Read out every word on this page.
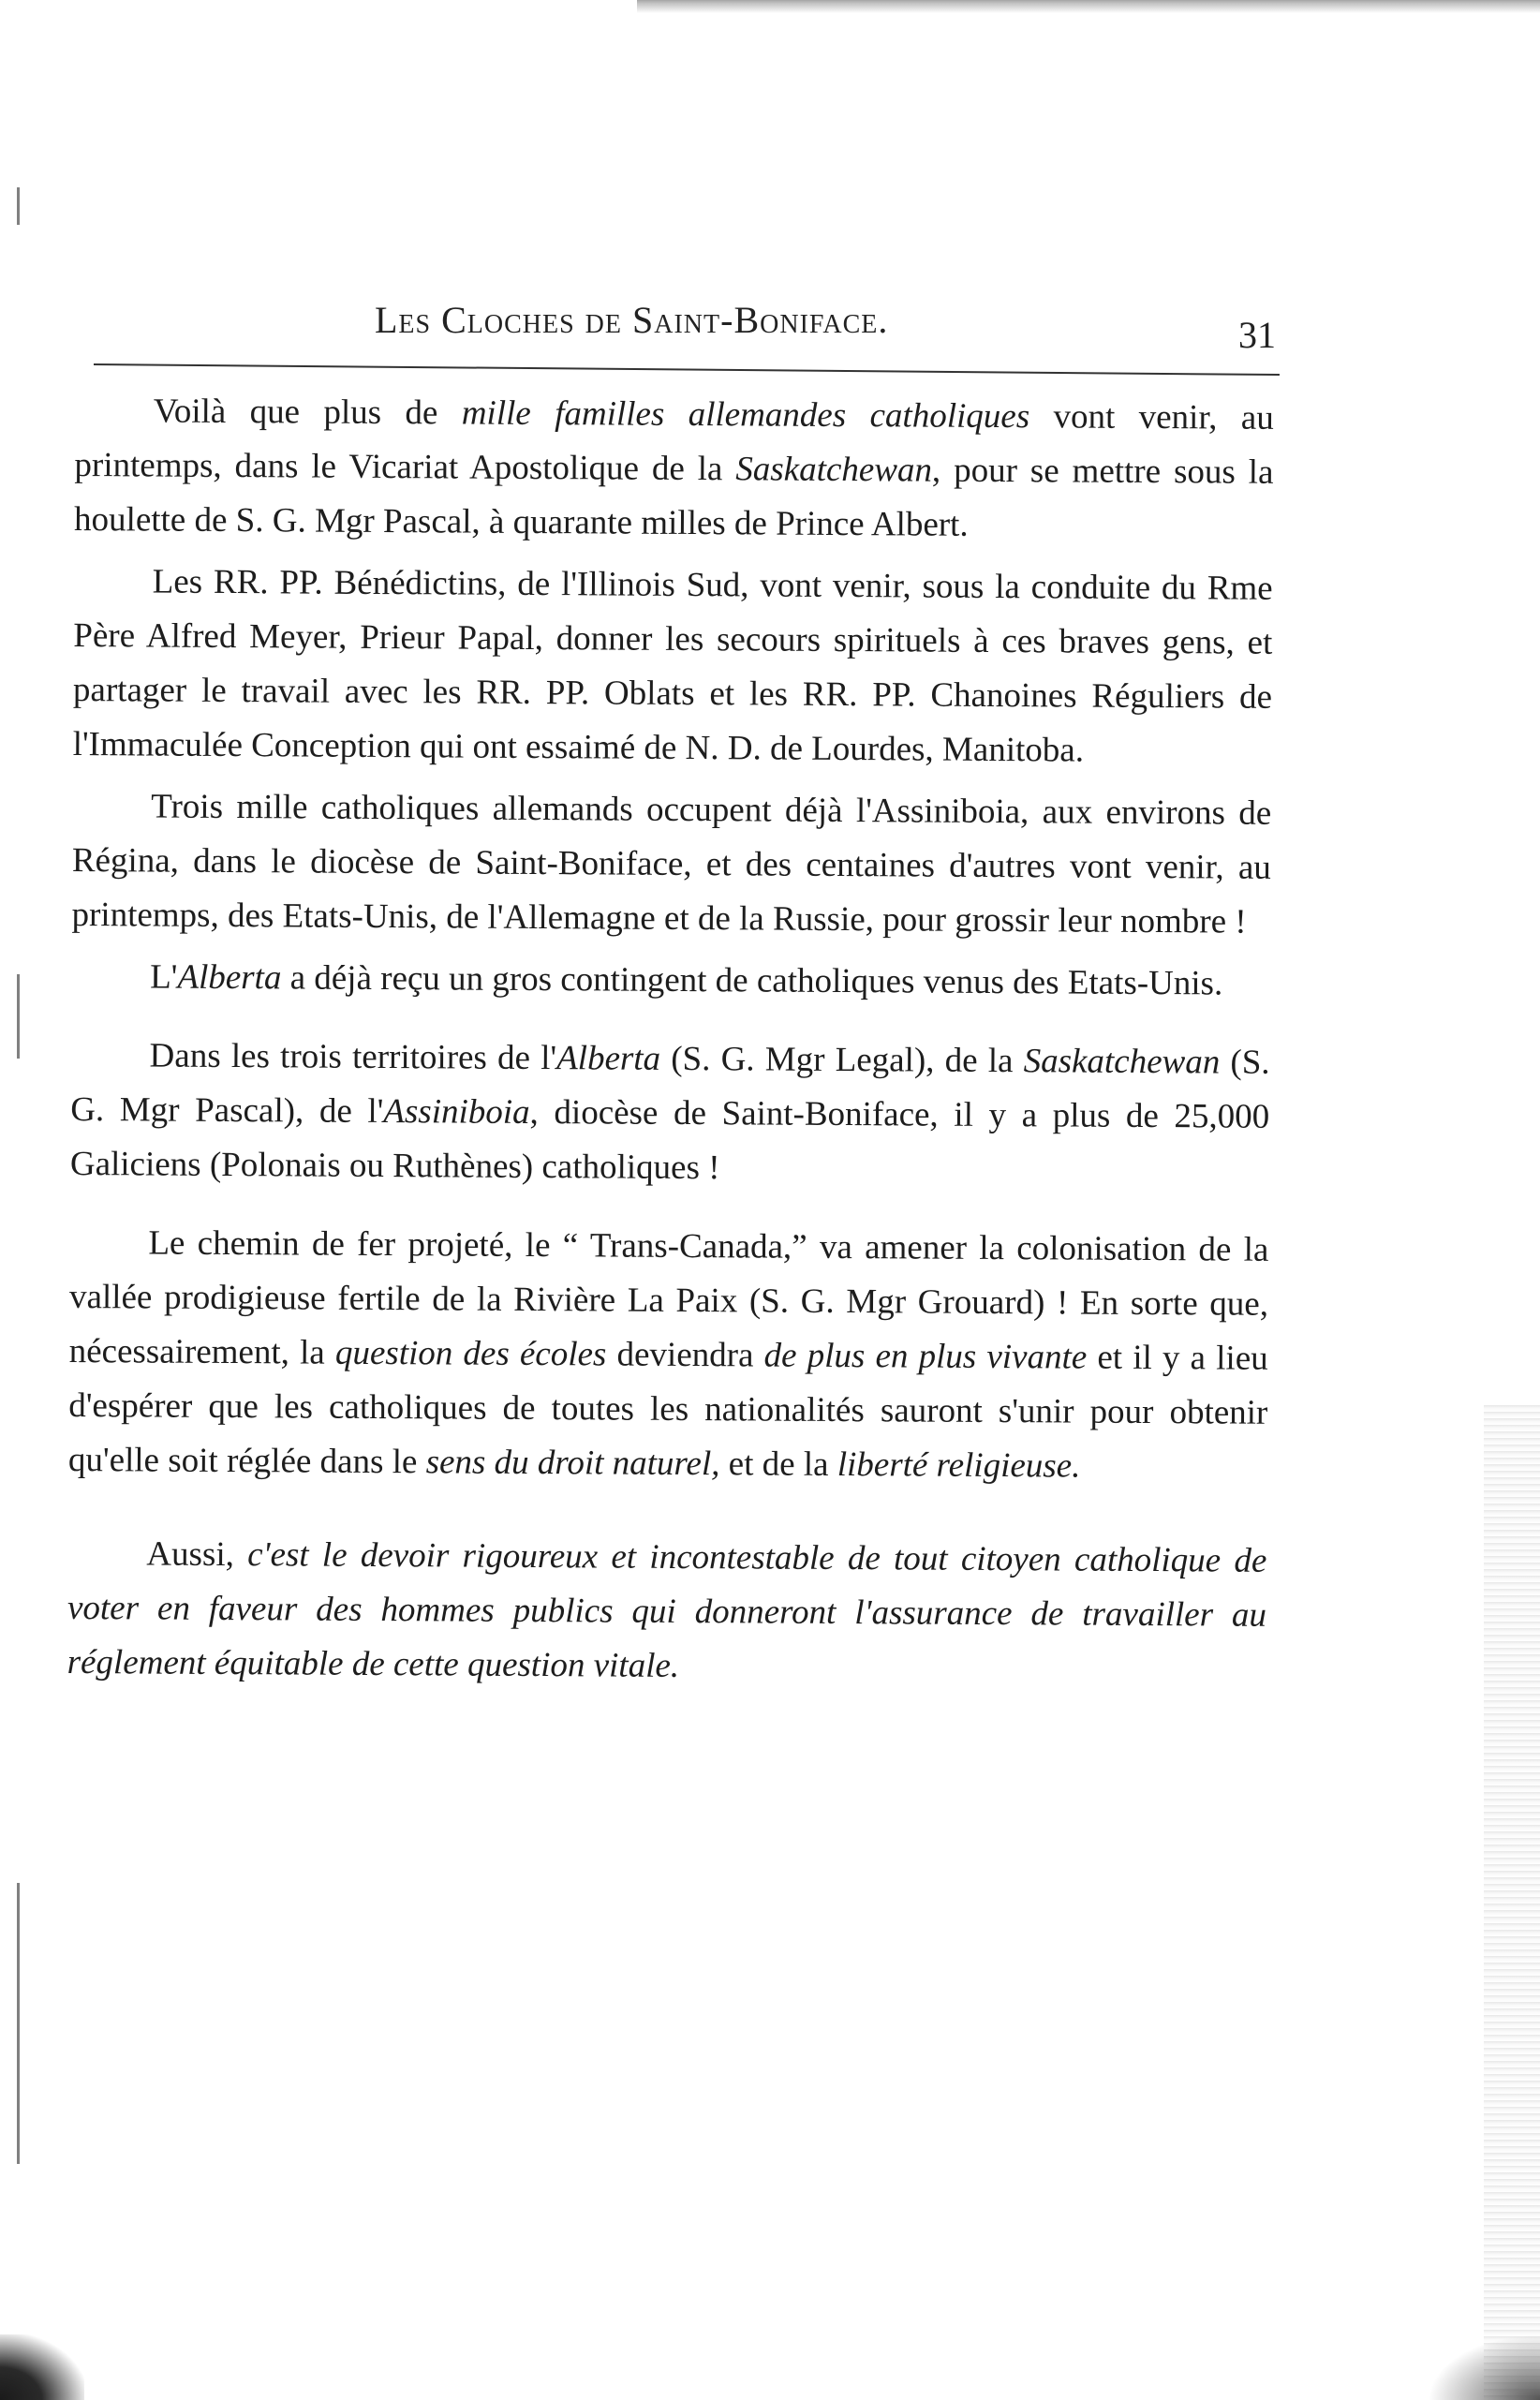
Les Cloches de Saint-Boniface.	31

Voilà que plus de mille familles allemandes catholiques vont venir, au printemps, dans le Vicariat Apostolique de la Saskatchewan, pour se mettre sous la houlette de S. G. Mgr Pascal, à quarante milles de Prince Albert.

Les RR. PP. Bénédictins, de l'Illinois Sud, vont venir, sous la conduite du Rme Père Alfred Meyer, Prieur Papal, donner les secours spirituels à ces braves gens, et partager le travail avec les RR. PP. Oblats et les RR. PP. Chanoines Réguliers de l'Immaculée Conception qui ont essaimé de N. D. de Lourdes, Manitoba.

Trois mille catholiques allemands occupent déjà l'Assiniboia, aux environs de Régina, dans le diocèse de Saint-Boniface, et des centaines d'autres vont venir, au printemps, des Etats-Unis, de l'Allemagne et de la Russie, pour grossir leur nombre !

L'Alberta a déjà reçu un gros contingent de catholiques venus des Etats-Unis.

Dans les trois territoires de l'Alberta (S. G. Mgr Legal), de la Saskatchewan (S. G. Mgr Pascal), de l'Assiniboia, diocèse de Saint-Boniface, il y a plus de 25,000 Galiciens (Polonais ou Ruthènes) catholiques !

Le chemin de fer projeté, le “ Trans-Canada,” va amener la colonisation de la vallée prodigieuse fertile de la Rivière La Paix (S. G. Mgr Grouard) ! En sorte que, nécessairement, la question des écoles deviendra de plus en plus vivante et il y a lieu d'espérer que les catholiques de toutes les nationalités sauront s'unir pour obtenir qu'elle soit réglée dans le sens du droit naturel, et de la liberté religieuse.

Aussi, c'est le devoir rigoureux et incontestable de tout citoyen catholique de voter en faveur des hommes publics qui donneront l'assurance de travailler au réglement équitable de cette question vitale.
